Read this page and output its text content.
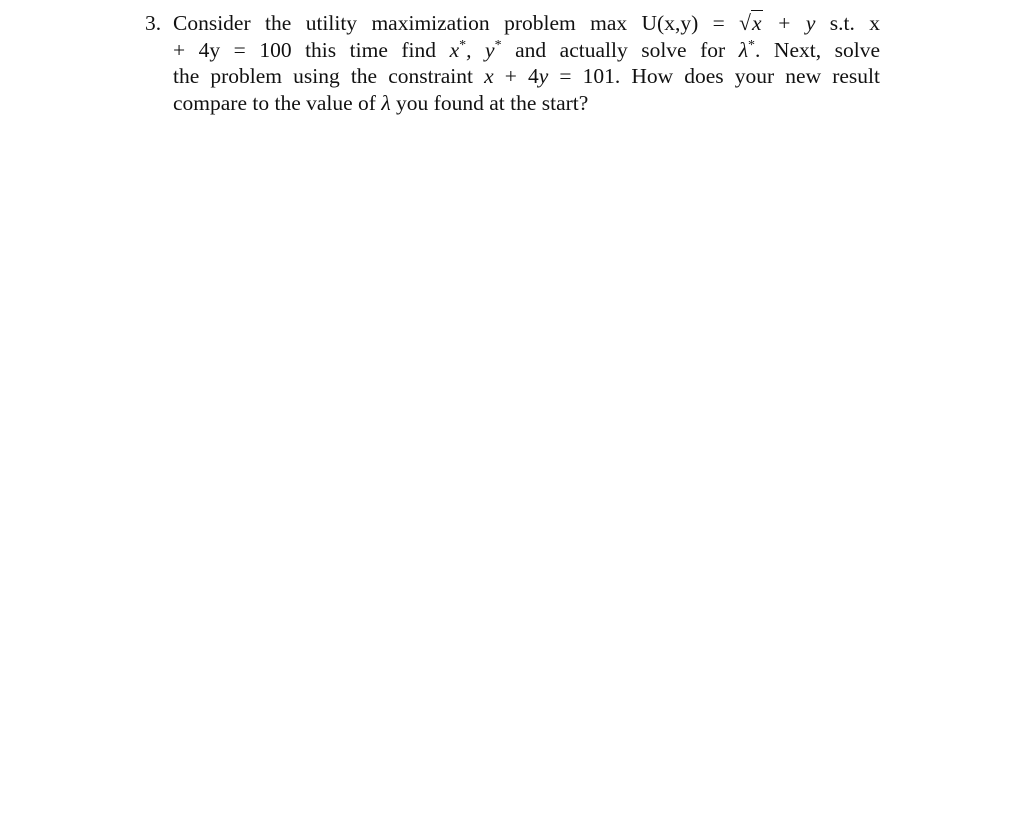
3. Consider the utility maximization problem max U(x,y) = √x + y s.t. x
+ 4y = 100 this time find x*, y* and actually solve for λ*. Next, solve
the problem using the constraint x + 4y = 101. How does your new result
compare to the value of λ you found at the start?
